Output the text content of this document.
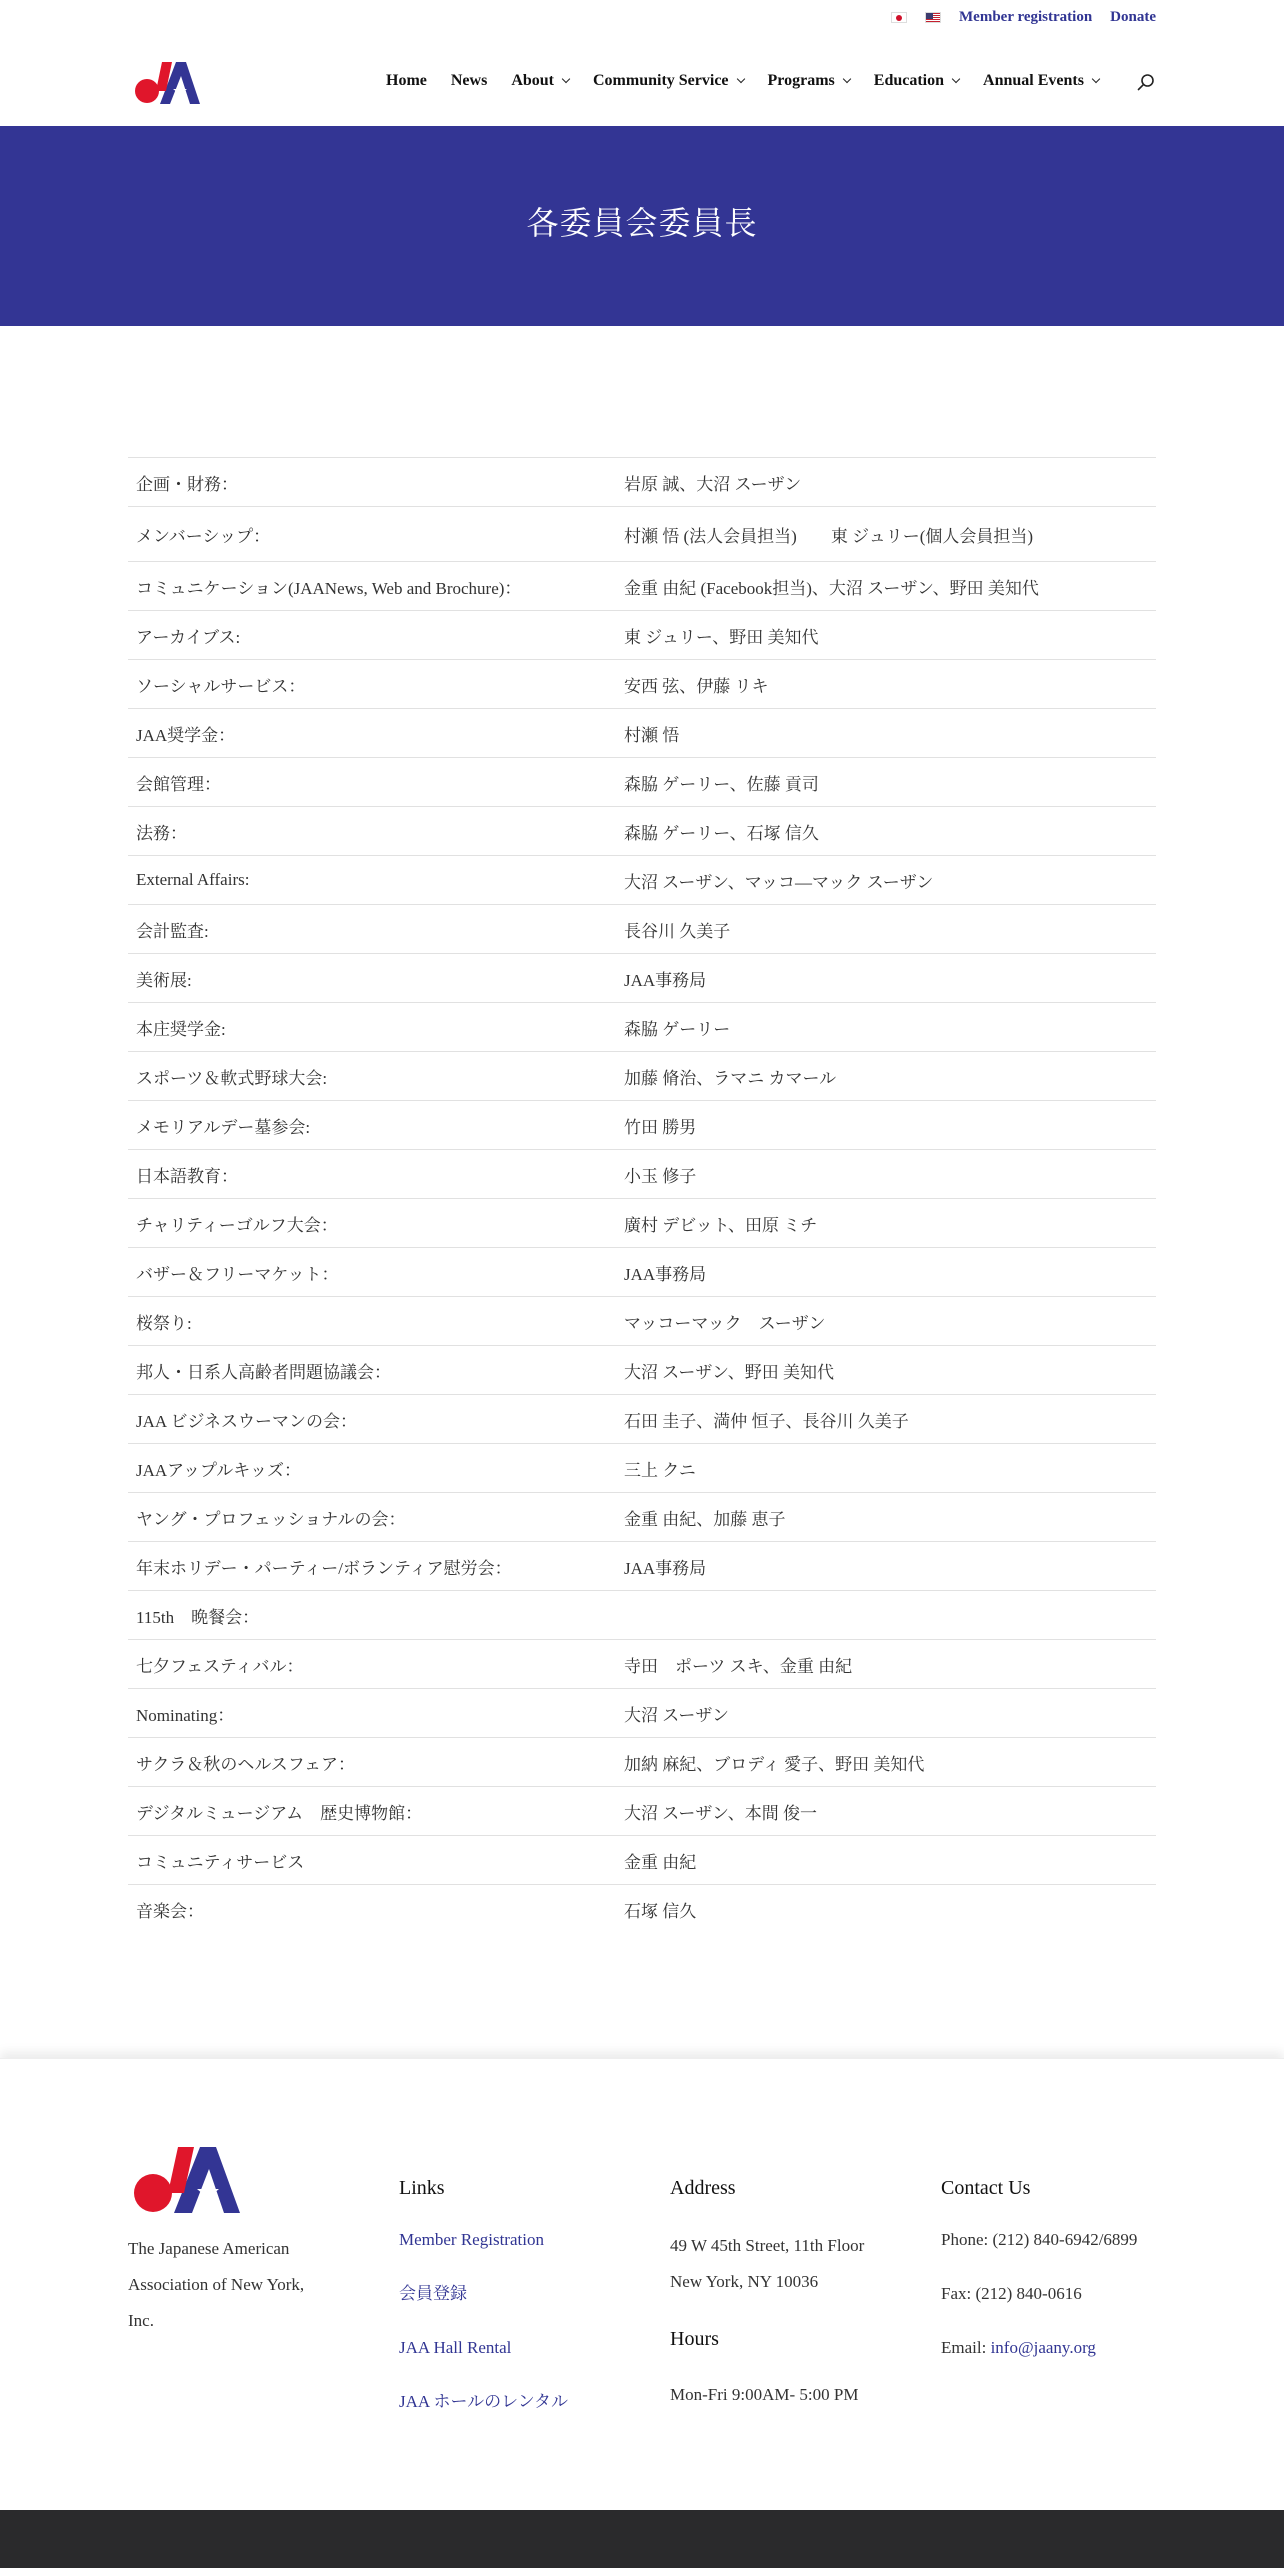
Member registration Donate
Home News About Community Service Programs Education Annual Events
各委員会委員長
企画・財務：	岩原 誠、大沼 スーザン
メンバーシップ：	村瀬 悟 (法人会員担当)　　東 ジュリー(個人会員担当)
コミュニケーション(JAANews, Web and Brochure)：	金重 由紀 (Facebook担当)、大沼 スーザン、野田 美知代
アーカイブス:	東 ジュリー、野田 美知代
ソーシャルサービス：	安西 弦、伊藤 リキ
JAA奨学金：	村瀬 悟
会館管理：	森脇 ゲーリー、佐藤 貢司
法務：	森脇 ゲーリー、石塚 信久
External Affairs:	大沼 スーザン、マッコ―マック スーザン
会計監査:	長谷川 久美子
美術展:	JAA事務局
本庄奨学金:	森脇 ゲーリー
スポーツ＆軟式野球大会:	加藤 脩治、ラマニ カマール
メモリアルデー墓参会:	竹田 勝男
日本語教育：	小玉 修子
チャリティーゴルフ大会：	廣村 デビット、田原 ミチ
バザー＆フリーマケット：	JAA事務局
桜祭り:	マッコーマック　スーザン
邦人・日系人高齢者問題協議会：	大沼 スーザン、野田 美知代
JAA ビジネスウーマンの会：	石田 圭子、満仲 恒子、長谷川 久美子
JAAアップルキッズ：	三上 クニ
ヤング・プロフェッショナルの会：	金重 由紀、加藤 恵子
年末ホリデー・パーティー/ボランティア慰労会：	JAA事務局
115th　晩餐会：
七夕フェスティバル：	寺田　ポーツ スキ、金重 由紀
Nominating：	大沼 スーザン
サクラ＆秋のヘルスフェア：	加納 麻紀、ブロディ 愛子、野田 美知代
デジタルミュージアム　歴史博物館：	大沼 スーザン、本間 俊一
コミュニティサービス	金重 由紀
音楽会：	石塚 信久
The Japanese American Association of New York, Inc.
Links
Member Registration
会員登録
JAA Hall Rental
JAA ホールのレンタル
Address
49 W 45th Street, 11th Floor
New York, NY 10036
Hours
Mon-Fri 9:00AM- 5:00 PM
Contact Us
Phone: (212) 840-6942/6899
Fax: (212) 840-0616
Email: info@jaany.org
